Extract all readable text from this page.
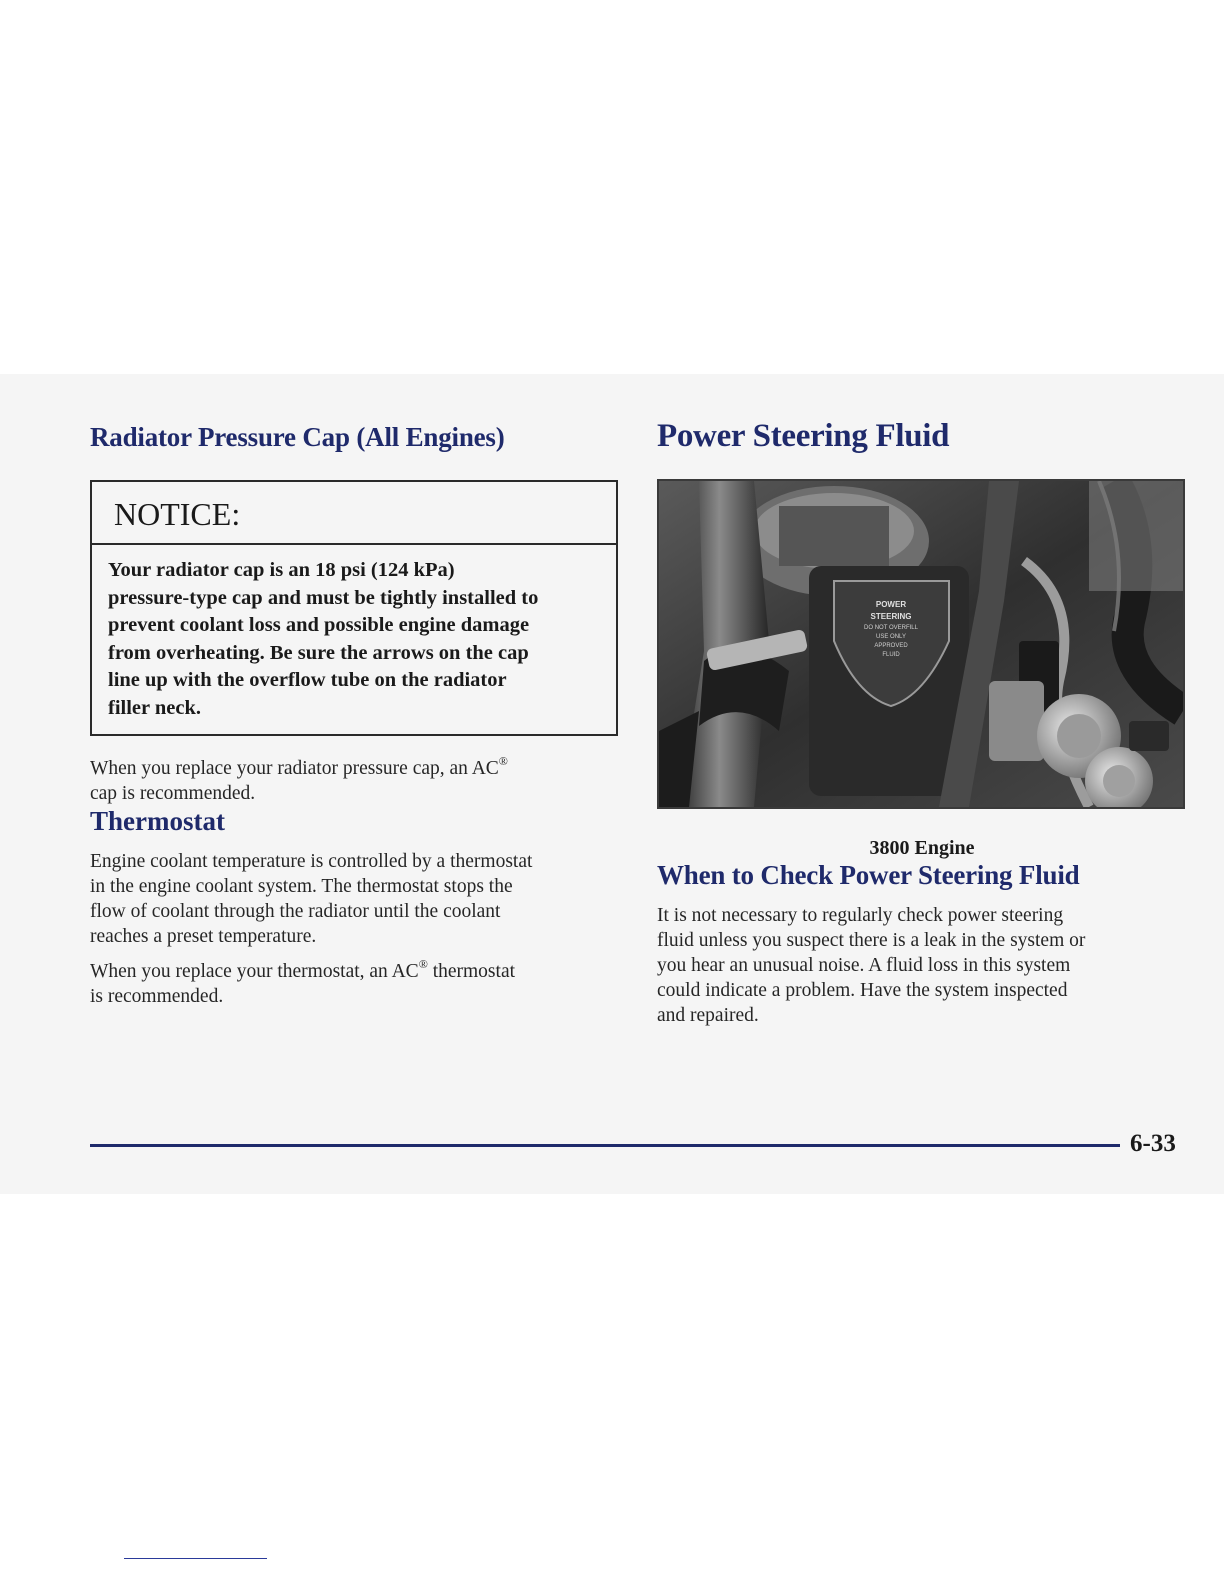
Radiator Pressure Cap (All Engines)
NOTICE:
Your radiator cap is an 18 psi (124 kPa)
pressure-type cap and must be tightly installed to
prevent coolant loss and possible engine damage
from overheating. Be sure the arrows on the cap
line up with the overflow tube on the radiator
filler neck.

When you replace your radiator pressure cap, an AC®
cap is recommended.

Thermostat

Engine coolant temperature is controlled by a thermostat
in the engine coolant system. The thermostat stops the
flow of coolant through the radiator until the coolant
reaches a preset temperature.

When you replace your thermostat, an AC® thermostat
is recommended.

Power Steering Fluid
POWER
STEERING
DO NOT OVERFILL
USE ONLY
APPROVED
FLUID
3800 Engine
When to Check Power Steering Fluid

It is not necessary to regularly check power steering
fluid unless you suspect there is a leak in the system or
you hear an unusual noise. A fluid loss in this system
could indicate a problem. Have the system inspected
and repaired.

6-33
